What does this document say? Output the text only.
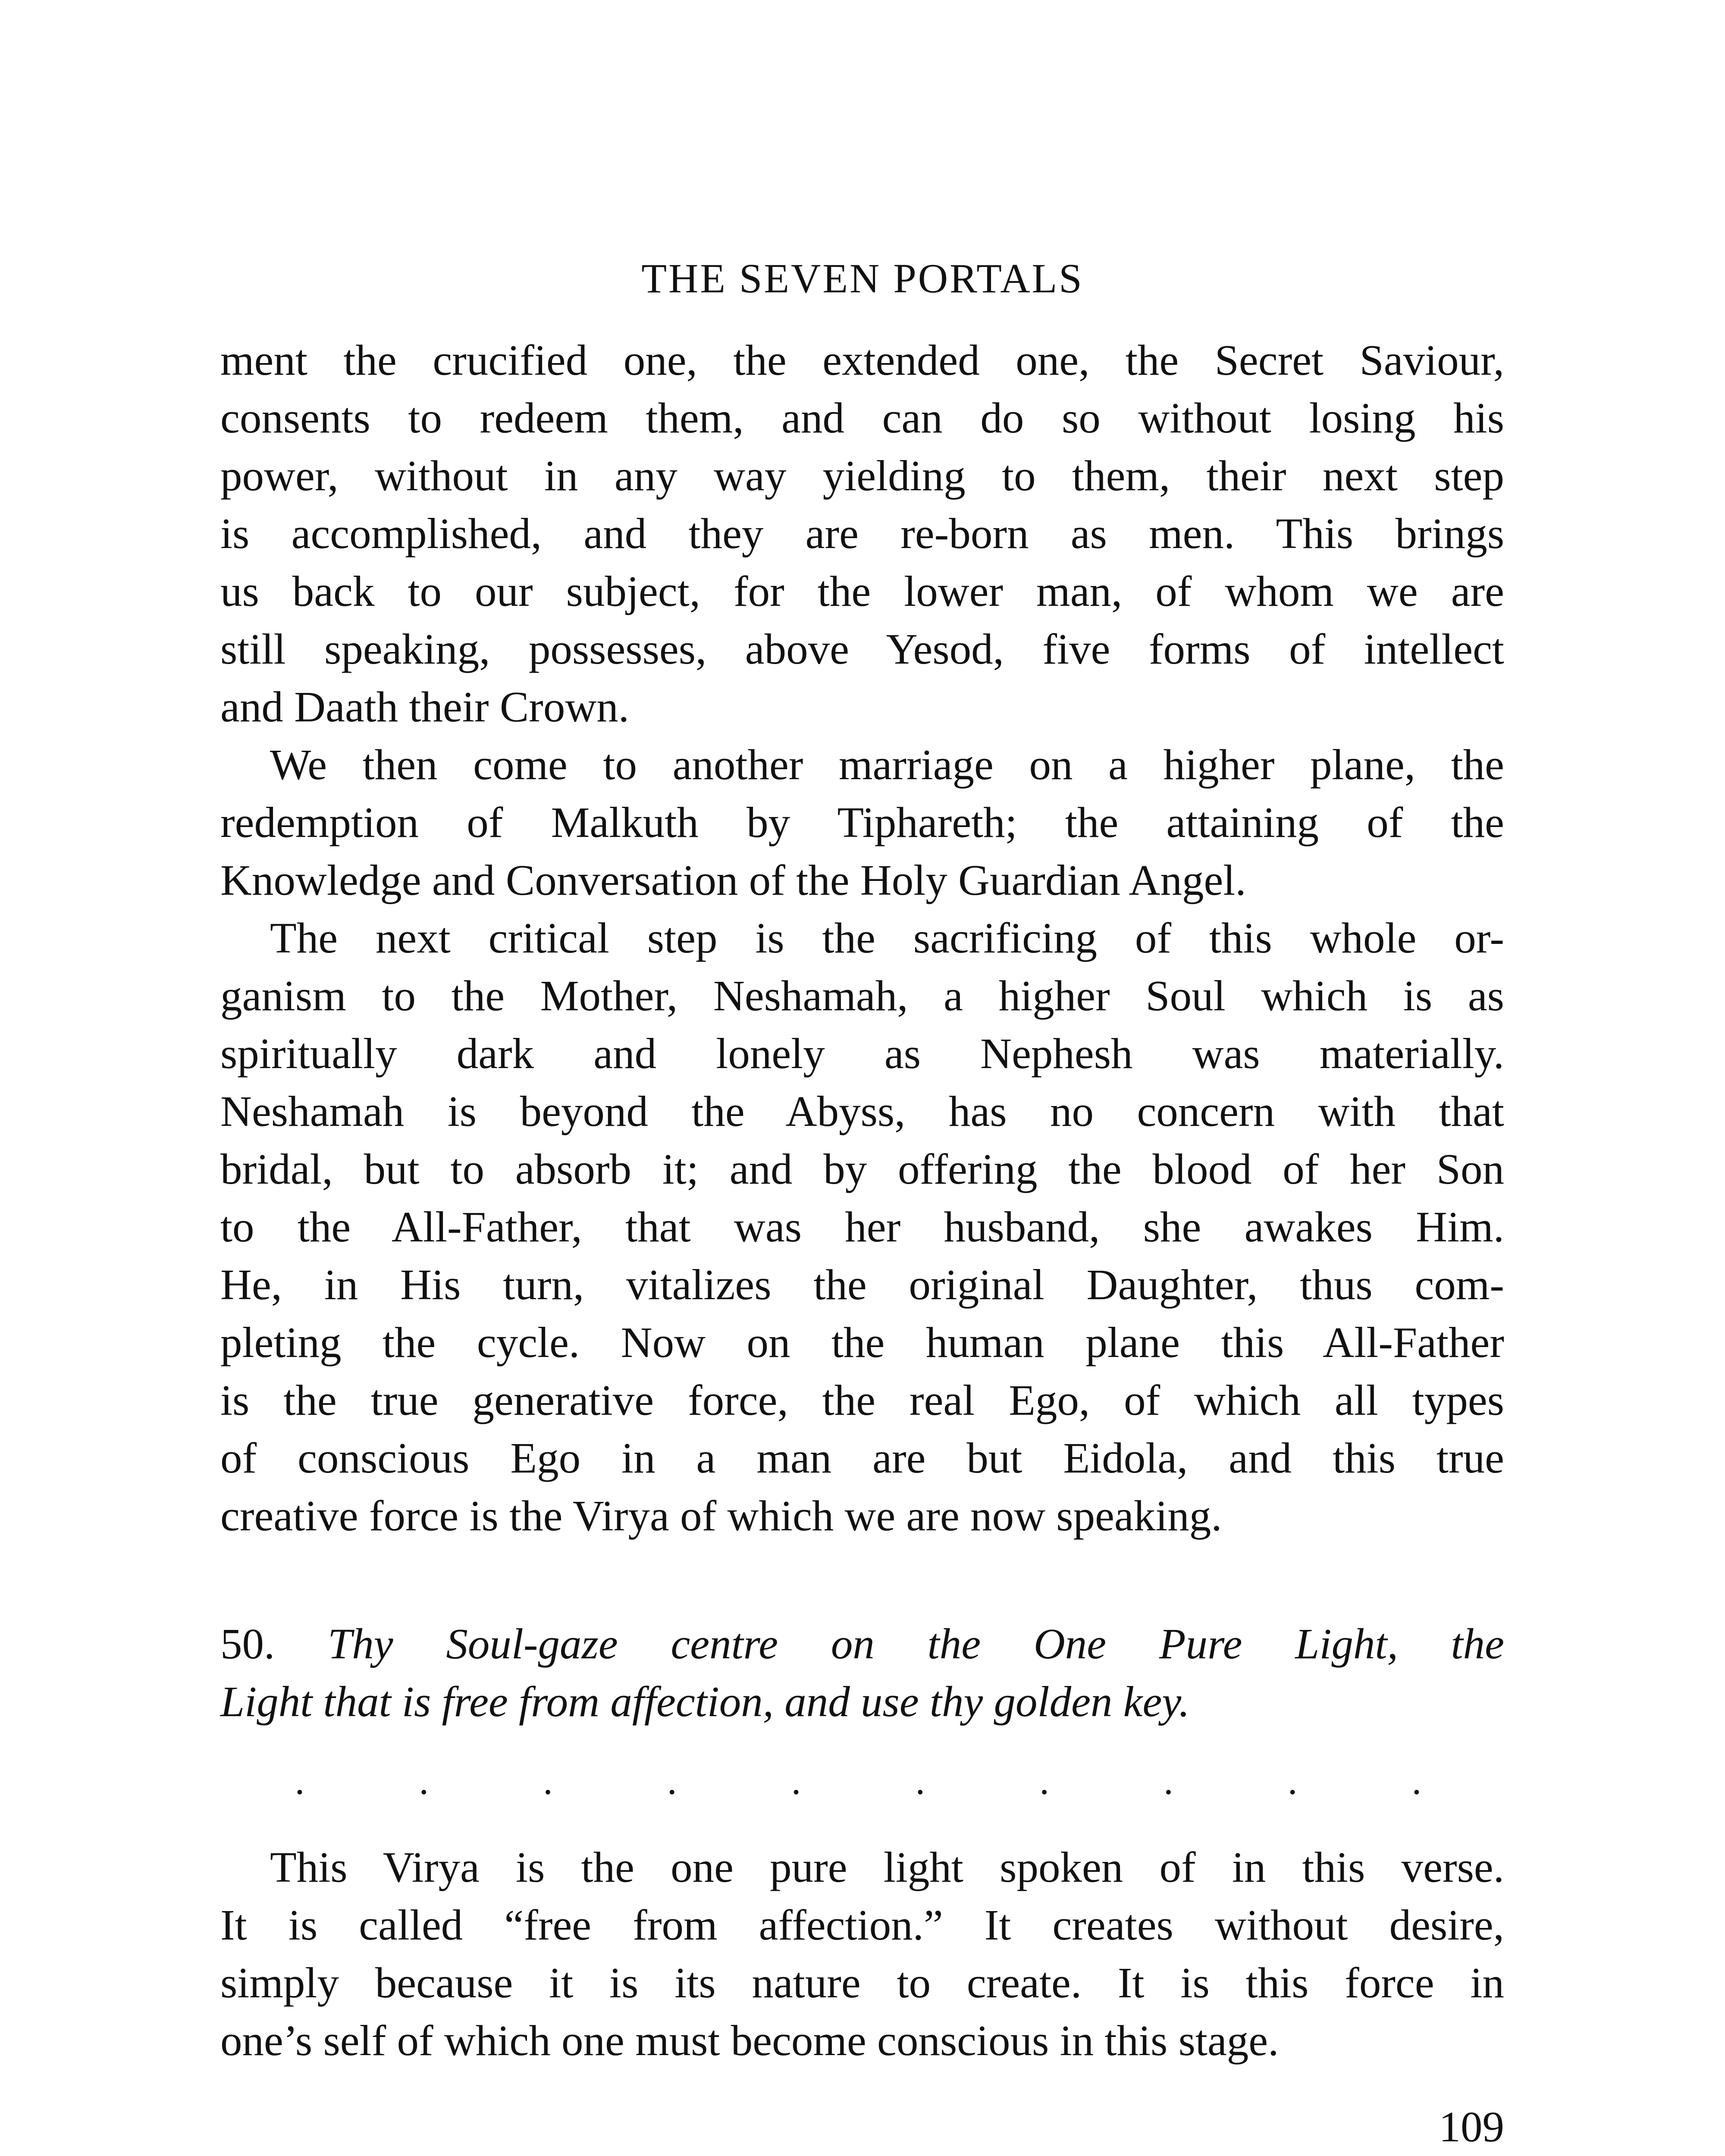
THE SEVEN PORTALS
ment the crucified one, the extended one, the Secret Saviour,
consents to redeem them, and can do so without losing his
power, without in any way yielding to them, their next step
is accomplished, and they are re-born as men. This brings
us back to our subject, for the lower man, of whom we are
still speaking, possesses, above Yesod, five forms of intellect
and Daath their Crown.
We then come to another marriage on a higher plane, the
redemption of Malkuth by Tiphareth; the attaining of the
Knowledge and Conversation of the Holy Guardian Angel.
The next critical step is the sacrificing of this whole or-
ganism to the Mother, Neshamah, a higher Soul which is as
spiritually dark and lonely as Nephesh was materially.
Neshamah is beyond the Abyss, has no concern with that
bridal, but to absorb it; and by offering the blood of her Son
to the All-Father, that was her husband, she awakes Him.
He, in His turn, vitalizes the original Daughter, thus com-
pleting the cycle. Now on the human plane this All-Father
is the true generative force, the real Ego, of which all types
of conscious Ego in a man are but Eidola, and this true
creative force is the Virya of which we are now speaking.
50. Thy Soul-gaze centre on the One Pure Light, the
Light that is free from affection, and use thy golden key.
·	·	·	·	·	·	·	·	·	·
This Virya is the one pure light spoken of in this verse.
It is called “free from affection.” It creates without desire,
simply because it is its nature to create. It is this force in
one’s self of which one must become conscious in this stage.
109
